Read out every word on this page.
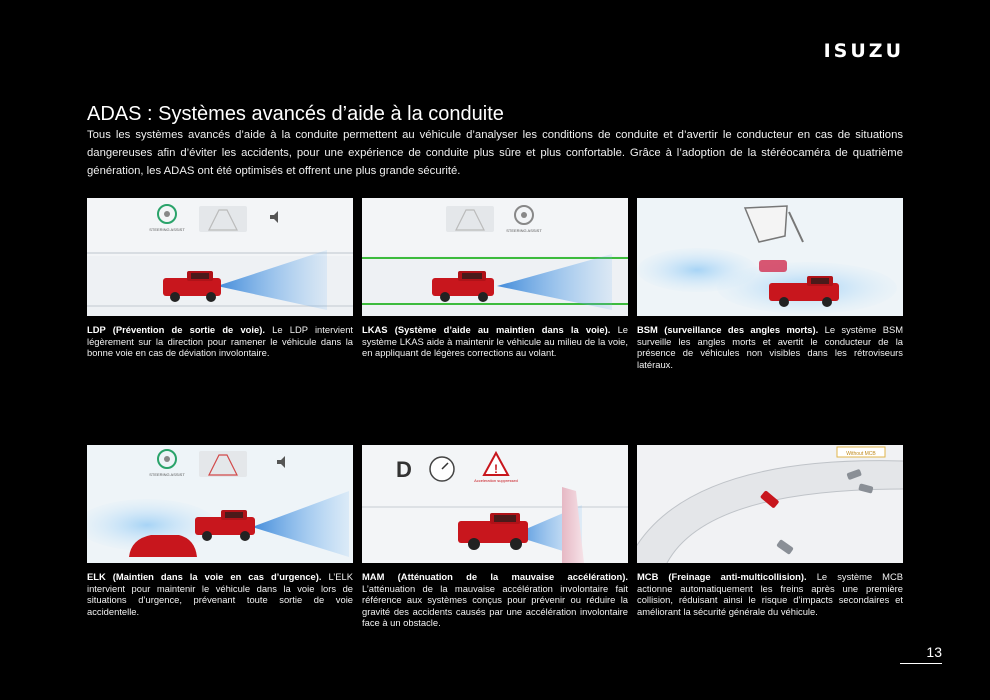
ISUZU
ADAS : Systèmes avancés d’aide à la conduite

Tous les systèmes avancés d’aide à la conduite permettent au véhicule d’analyser les conditions de conduite et d’avertir le conducteur en cas de situations dangereuses afin d’éviter les accidents, pour une expérience de conduite plus sûre et plus confortable. Grâce à l’adoption de la stéréocaméra de quatrième génération, les ADAS ont été optimisés et offrent une plus grande sécurité.

STEERING ASSIST
LDP (Prévention de sortie de voie). Le LDP intervient légèrement sur la direction pour ramener le véhicule dans la bonne voie en cas de déviation involontaire.
STEERING ASSIST
LKAS (Système d’aide au maintien dans la voie). Le système LKAS aide à maintenir le véhicule au milieu de la voie, en appliquant de légères corrections au volant.
BSM (surveillance des angles morts). Le système BSM surveille les angles morts et avertit le conducteur de la présence de véhicules non visibles dans les rétroviseurs latéraux.
STEERING ASSIST
ELK (Maintien dans la voie en cas d’urgence). L’ELK intervient pour maintenir le véhicule dans la voie lors de situations d’urgence, prévenant toute sortie de voie accidentelle.
D	!
Acceleration suppressed
MAM (Atténuation de la mauvaise accélération). L’atténuation de la mauvaise accélération involontaire fait référence aux systèmes conçus pour prévenir ou réduire la gravité des accidents causés par une accélération involontaire face à un obstacle.
Without MCB
MCB (Freinage anti-multicollision). Le système MCB actionne automatiquement les freins après une première collision, réduisant ainsi le risque d’impacts secondaires et améliorant la sécurité générale du véhicule.
13
